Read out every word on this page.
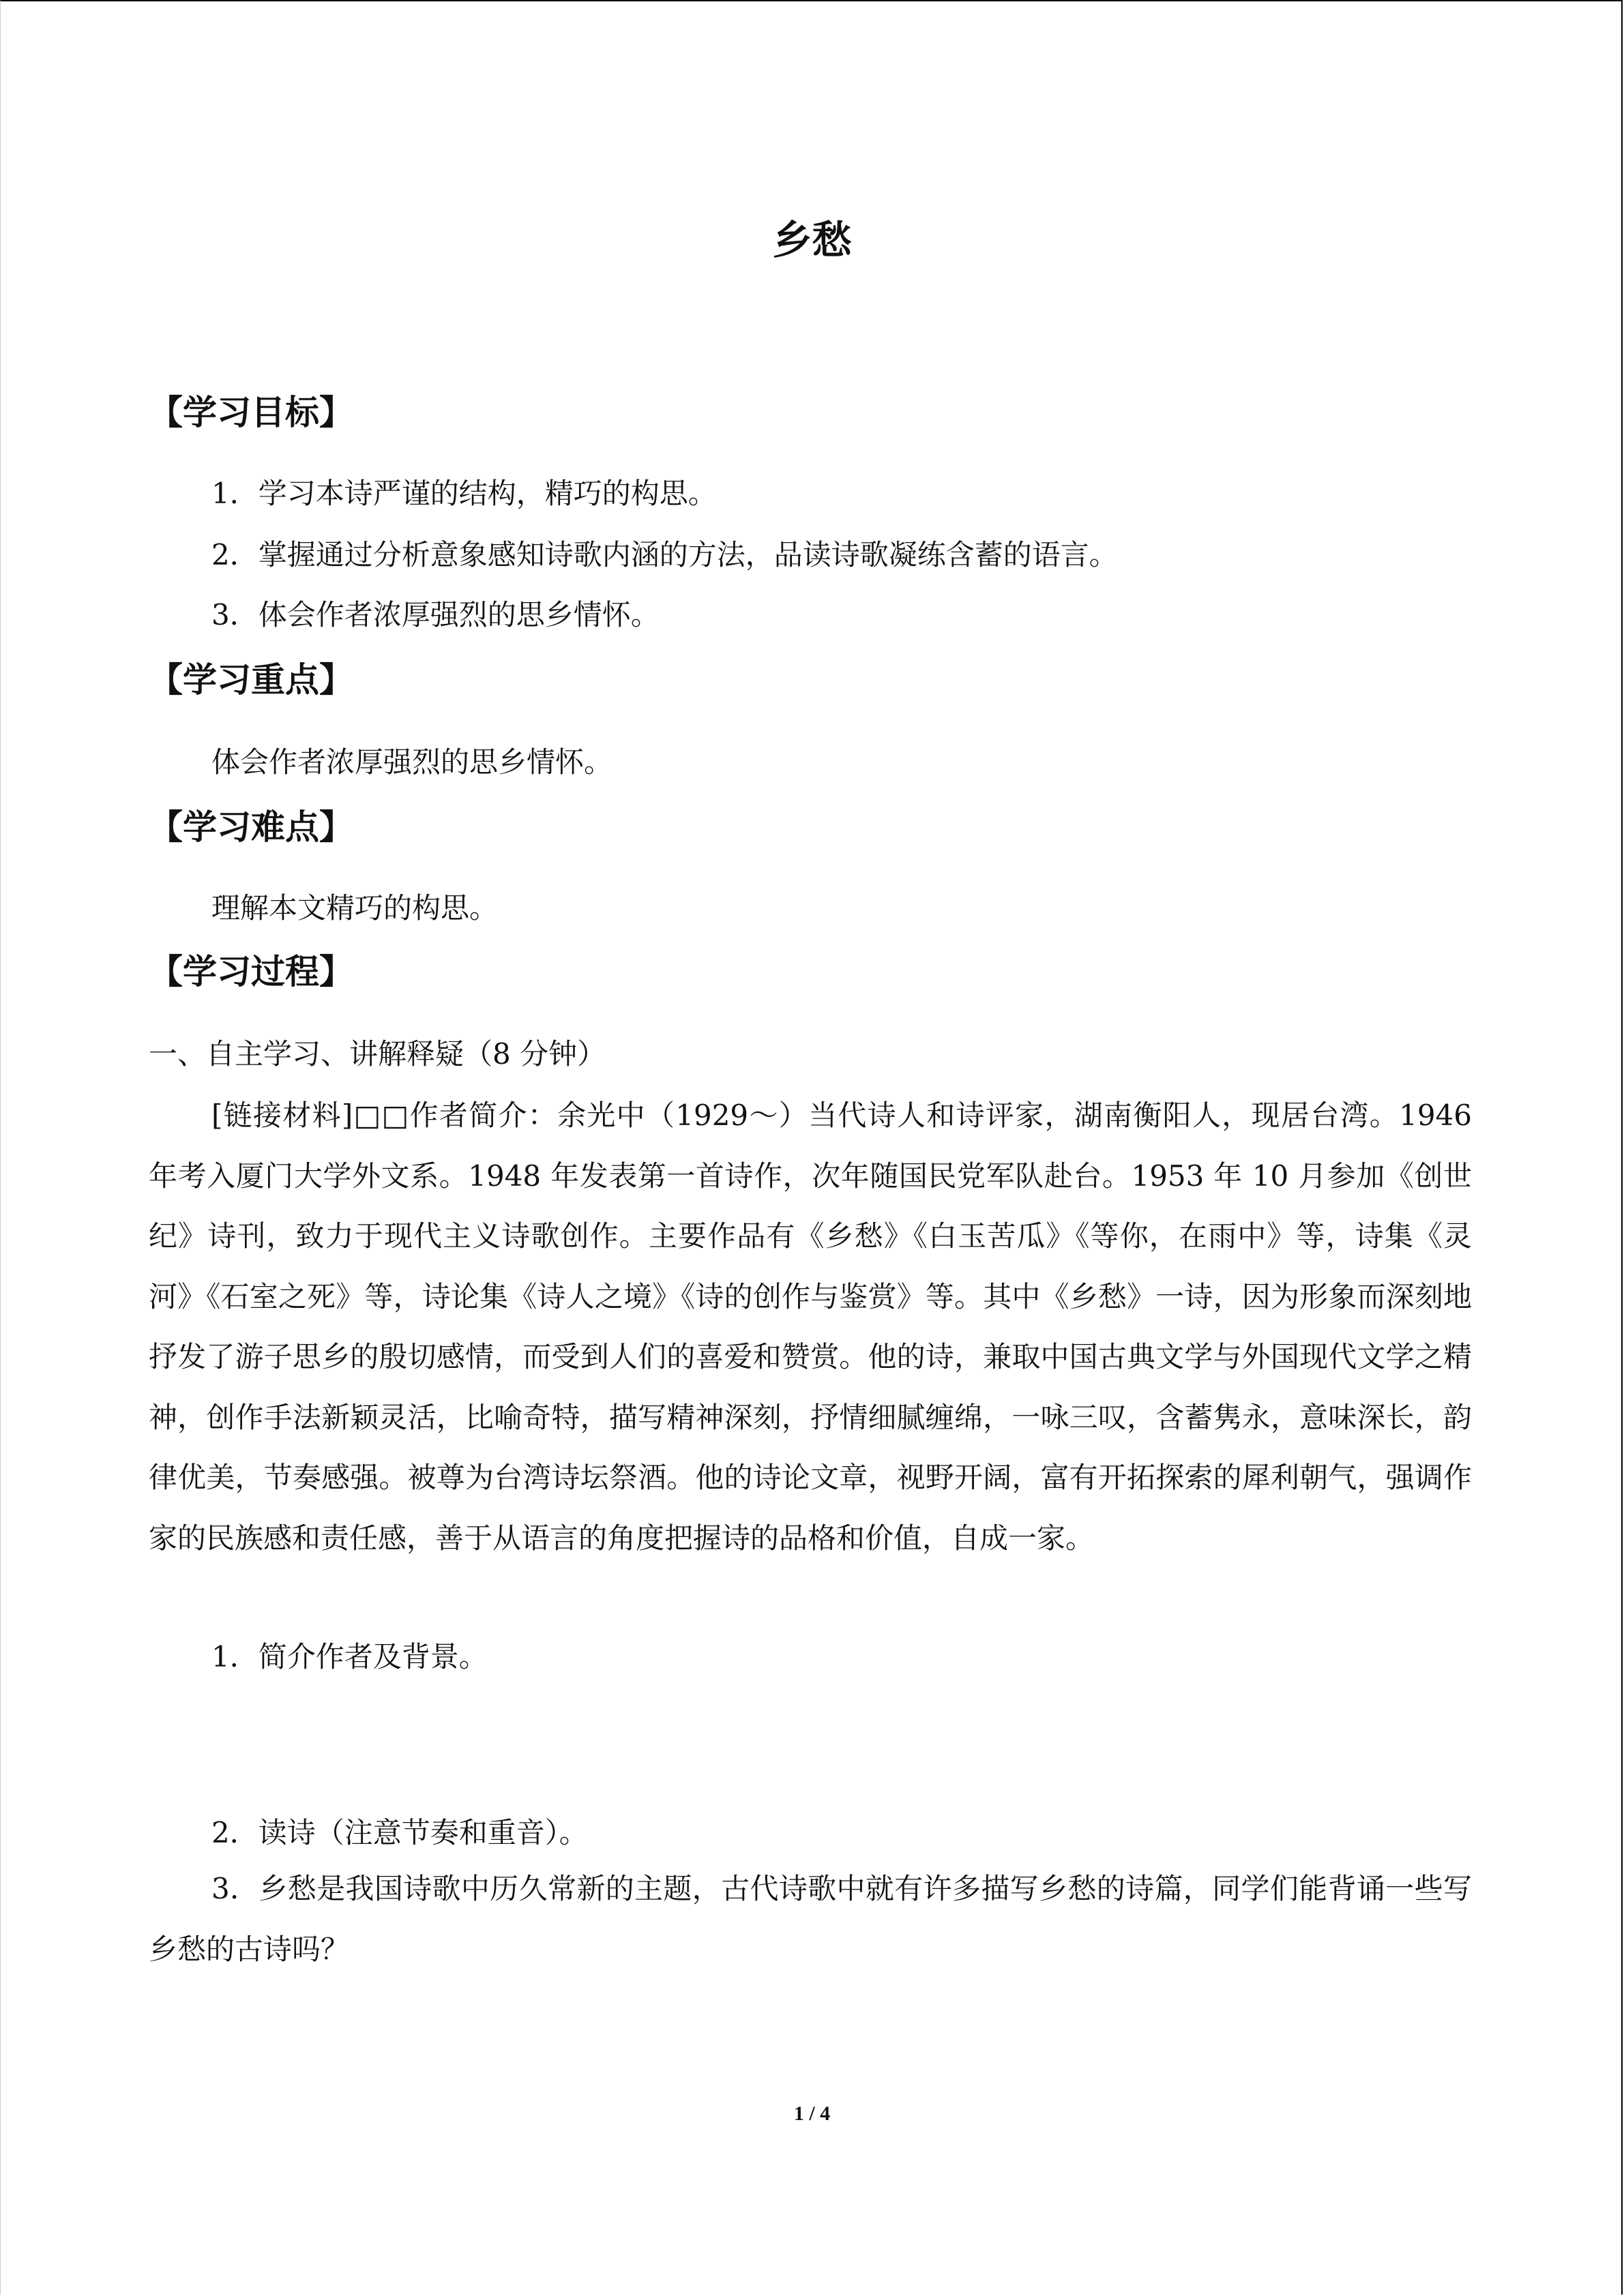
乡愁
【学习目标】

1．学习本诗严谨的结构，精巧的构思。

2．掌握通过分析意象感知诗歌内涵的方法，品读诗歌凝练含蓄的语言。

3．体会作者浓厚强烈的思乡情怀。

【学习重点】

体会作者浓厚强烈的思乡情怀。

【学习难点】

理解本文精巧的构思。

【学习过程】

一、自主学习、讲解释疑（8 分钟）

[链接材料]□□作者简介：余光中（1929～）当代诗人和诗评家，湖南衡阳人，现居台湾。1946 年考入厦门大学外文系。1948 年发表第一首诗作，次年随国民党军队赴台。1953 年 10 月参加《创世纪》诗刊，致力于现代主义诗歌创作。主要作品有《乡愁》《白玉苦瓜》《等你，在雨中》等，诗集《灵河》《石室之死》等，诗论集《诗人之境》《诗的创作与鉴赏》等。其中《乡愁》一诗，因为形象而深刻地抒发了游子思乡的殷切感情，而受到人们的喜爱和赞赏。他的诗，兼取中国古典文学与外国现代文学之精神，创作手法新颖灵活，比喻奇特，描写精神深刻，抒情细腻缠绵，一咏三叹，含蓄隽永，意味深长，韵律优美，节奏感强。被尊为台湾诗坛祭酒。他的诗论文章，视野开阔，富有开拓探索的犀利朝气，强调作家的民族感和责任感，善于从语言的角度把握诗的品格和价值，自成一家。

1．简介作者及背景。

2．读诗（注意节奏和重音）。

3．乡愁是我国诗歌中历久常新的主题，古代诗歌中就有许多描写乡愁的诗篇，同学们能背诵一些写乡愁的古诗吗？

1 / 4
